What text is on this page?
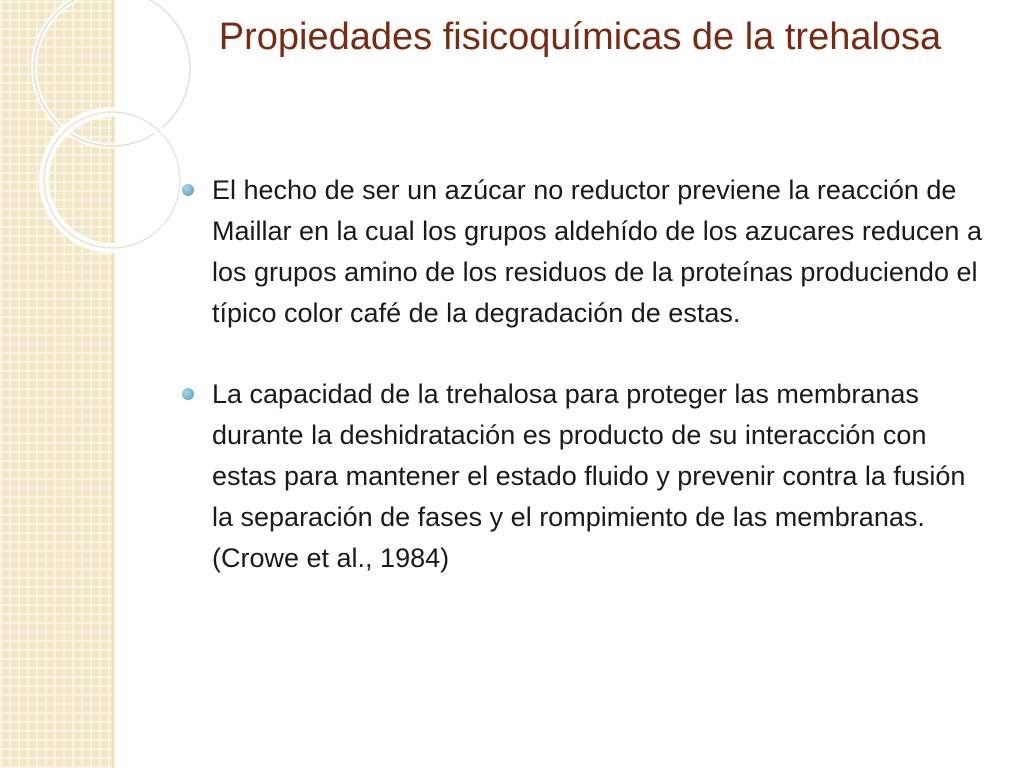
Propiedades fisicoquímicas de la trehalosa
El hecho de ser un azúcar no reductor previene la reacción de Maillar en la cual los grupos aldehído de los azucares reducen a los grupos amino de los residuos de la proteínas produciendo el típico color café de la degradación de estas.
La capacidad de la trehalosa para proteger las membranas durante la deshidratación es producto de su interacción con estas para mantener el estado fluido y prevenir contra la fusión la separación de fases y el rompimiento de las membranas.(Crowe et al., 1984)
